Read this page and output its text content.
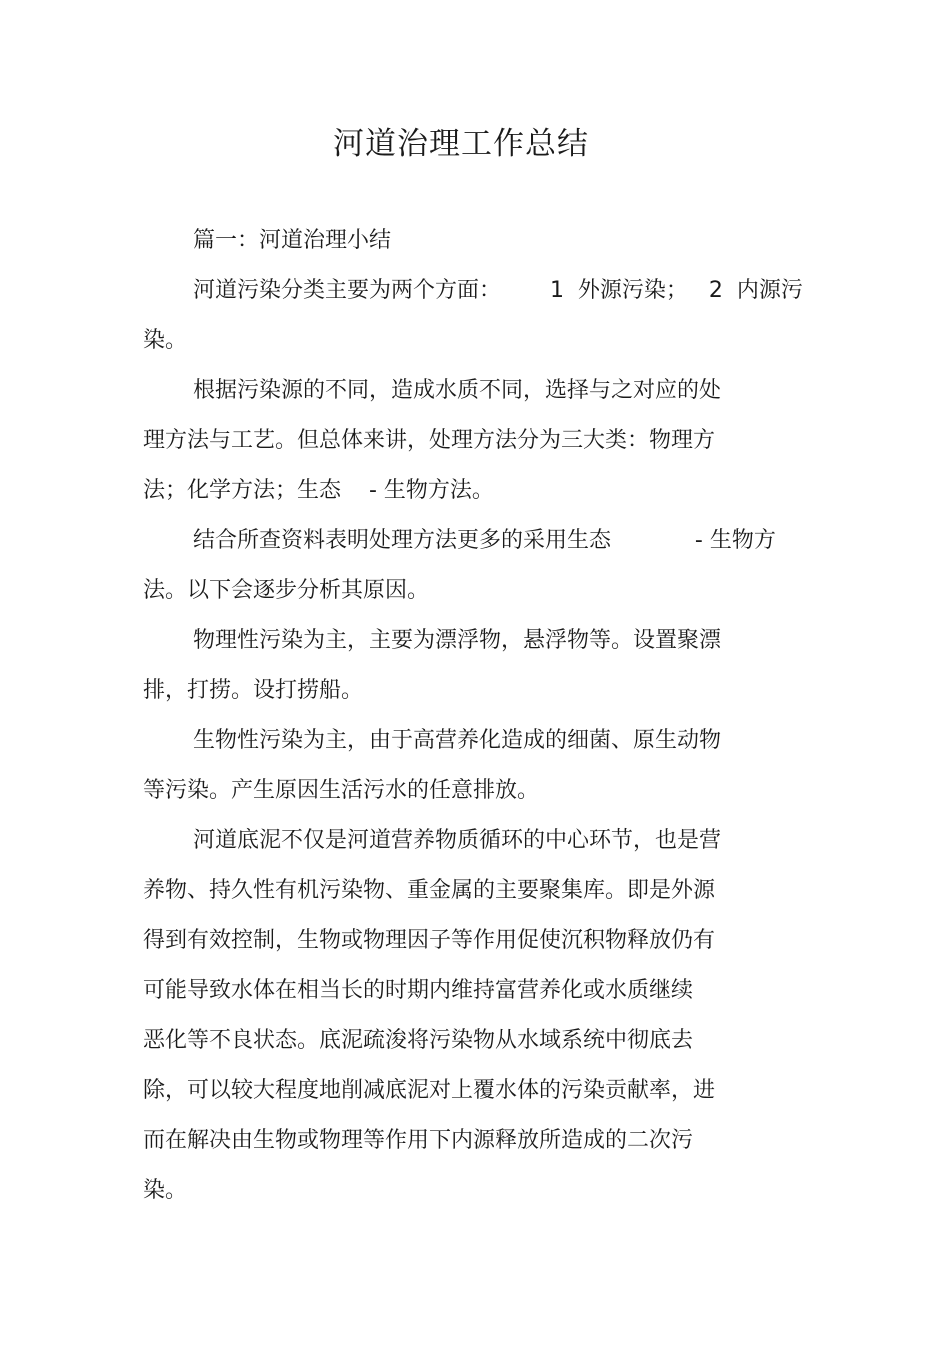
河道治理工作总结

篇一：河道治理小结

河道污染分类主要为两个方面：       1  外源污染；   2  内源污

染。

根据污染源的不同，造成水质不同，选择与之对应的处

理方法与工艺。但总体来讲，处理方法分为三大类：物理方

法；化学方法；生态    - 生物方法。

结合所查资料表明处理方法更多的采用生态            - 生物方

法。以下会逐步分析其原因。

物理性污染为主，主要为漂浮物，悬浮物等。设置聚漂

排，打捞。设打捞船。

生物性污染为主，由于高营养化造成的细菌、原生动物

等污染。产生原因生活污水的任意排放。

河道底泥不仅是河道营养物质循环的中心环节，也是营

养物、持久性有机污染物、重金属的主要聚集库。即是外源

得到有效控制，生物或物理因子等作用促使沉积物释放仍有

可能导致水体在相当长的时期内维持富营养化或水质继续

恶化等不良状态。底泥疏浚将污染物从水域系统中彻底去

除，可以较大程度地削减底泥对上覆水体的污染贡献率，进

而在解决由生物或物理等作用下内源释放所造成的二次污

染。
